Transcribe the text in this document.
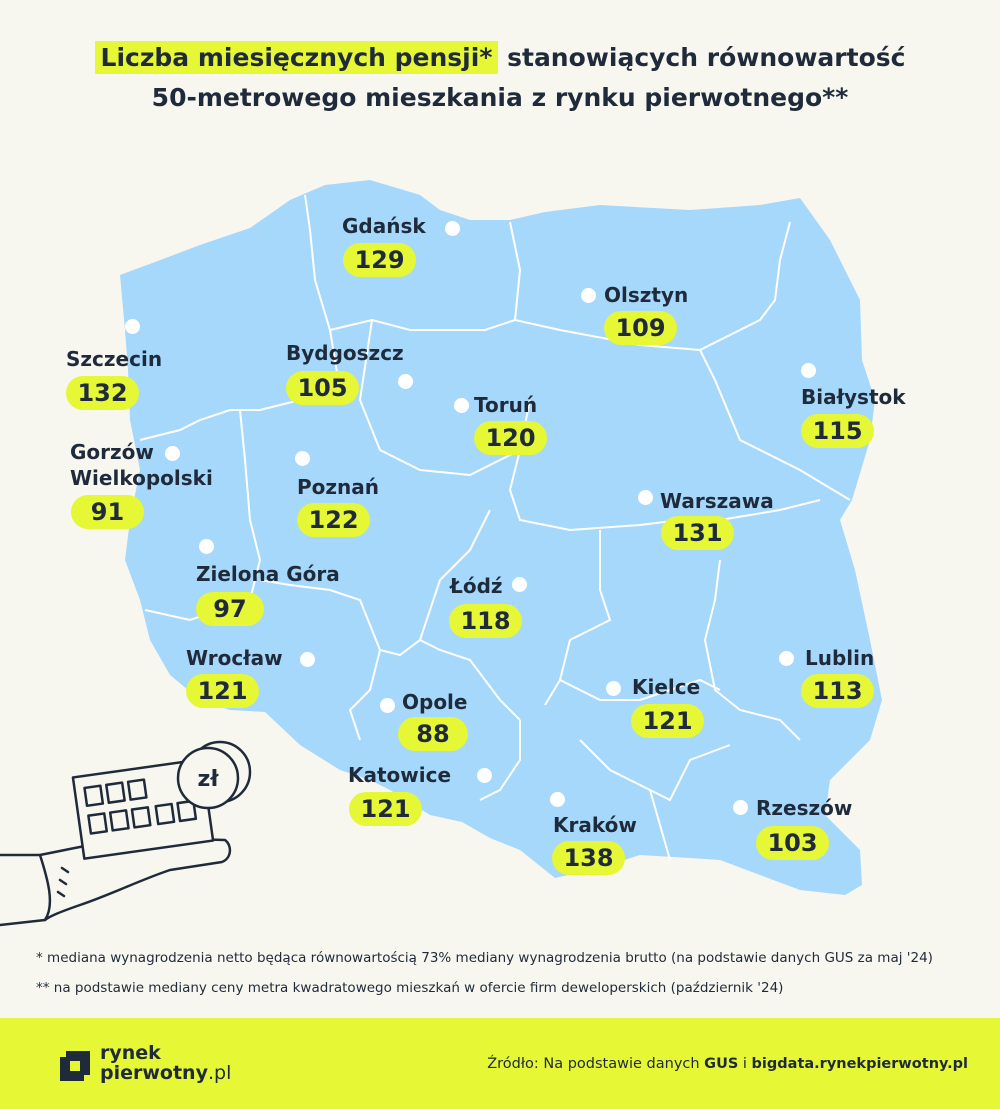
zł
Liczba miesięcznych pensji* stanowiących równowartość
50-metrowego mieszkania z rynku pierwotnego**
Gdańsk
129
Olsztyn
109
Szczecin
132
Bydgoszcz
105	Białystok
115
Toruń
120
Gorzów
Wielkopolski
91
Poznań
122
Warszawa
131
Zielona Góra
97
Łódź
118
Wrocław
121
Lublin
113
Kielce
121
Opole
88
Katowice
121	Rzeszów
103
Kraków
138
* mediana wynagrodzenia netto będąca równowartością 73% mediany wynagrodzenia brutto (na podstawie danych GUS za maj '24)
** na podstawie mediany ceny metra kwadratowego mieszkań w ofercie firm deweloperskich (październik '24)
rynek
pierwotny.pl	Źródło: Na podstawie danych GUS i bigdata.rynekpierwotny.pl
